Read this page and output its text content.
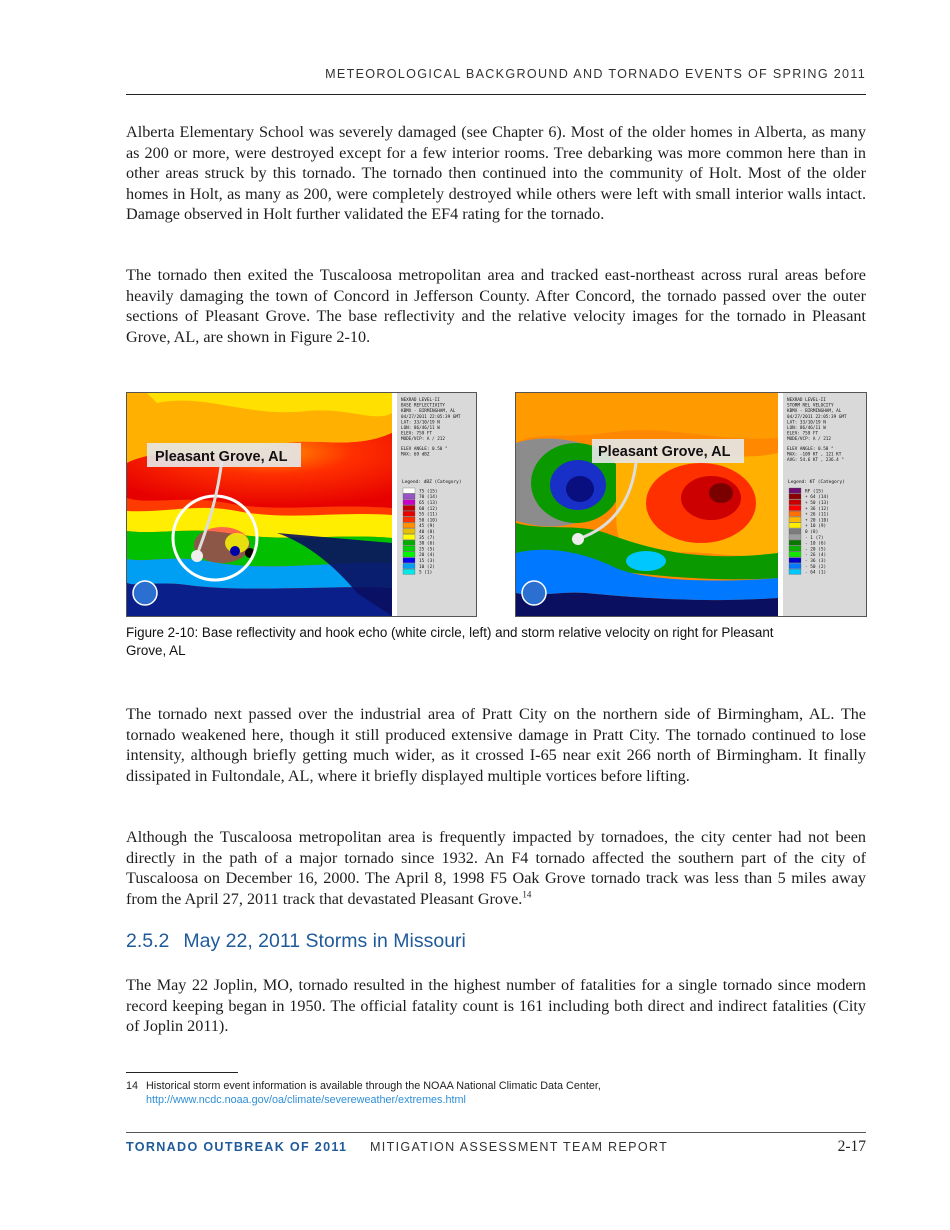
METEOROLOGICAL BACKGROUND AND TORNADO EVENTS OF SPRING 2011

Alberta Elementary School was severely damaged (see Chapter 6). Most of the older homes in Alberta, as many as 200 or more, were destroyed except for a few interior rooms. Tree debarking was more common here than in other areas struck by this tornado. The tornado then continued into the community of Holt. Most of the older homes in Holt, as many as 200, were completely destroyed while others were left with small interior walls intact. Damage observed in Holt further validated the EF4 rating for the tornado.

The tornado then exited the Tuscaloosa metropolitan area and tracked east-northeast across rural areas before heavily damaging the town of Concord in Jefferson County. After Concord, the tornado passed over the outer sections of Pleasant Grove. The base reflectivity and the relative velocity images for the tornado in Pleasant Grove, AL, are shown in Figure 2-10.

Pleasant Grove, AL
NEXRAD LEVEL-II
BASE REFLECTIVITY
KBMX - BIRMINGHAM, AL
04/27/2011 22:05:39 GMT
LAT: 33/10/19 N
LON: 86/46/11 W
ELEV: 759 FT
MODE/VCP: A / 212
ELEV ANGLE: 0.50 °
MAX: 69 dBZ
Legend: dBZ (Category)
75 (15)
70 (14)
65 (13)
60 (12)
55 (11)
50 (10)
45 (9)
40 (8)
35 (7)
30 (6)
25 (5)
20 (4)
15 (3)
10 (2)
5 (1)
Pleasant Grove, AL
NEXRAD LEVEL-II
STORM REL VELOCITY
KBMX - BIRMINGHAM, AL
04/27/2011 22:05:39 GMT
LAT: 33/10/19 N
LON: 86/46/11 W
ELEV: 759 FT
MODE/VCP: A / 212
ELEV ANGLE: 0.50 °
MAX: -109 KT , 121 KT
AVG: 54.6 KT , 236.4 °
Legend: KT (Category)
RF (15)
+ 64 (14)
+ 50 (13)
+ 36 (12)
+ 26 (11)
+ 20 (10)
+ 10 (9)
0 (8)
- 1 (7)
- 10 (6)
- 20 (5)
- 26 (4)
- 36 (3)
- 50 (2)
- 64 (1)
Figure 2-10: Base reflectivity and hook echo (white circle, left) and storm relative velocity on right for Pleasant Grove, AL

The tornado next passed over the industrial area of Pratt City on the northern side of Birmingham, AL. The tornado weakened here, though it still produced extensive damage in Pratt City. The tornado continued to lose intensity, although briefly getting much wider, as it crossed I-65 near exit 266 north of Birmingham. It finally dissipated in Fultondale, AL, where it briefly displayed multiple vortices before lifting.

Although the Tuscaloosa metropolitan area is frequently impacted by tornadoes, the city center had not been directly in the path of a major tornado since 1932. An F4 tornado affected the southern part of the city of Tuscaloosa on December 16, 2000. The April 8, 1998 F5 Oak Grove tornado track was less than 5 miles away from the April 27, 2011 track that devastated Pleasant Grove.$^{14}$

2.5.2 May 22, 2011 Storms in Missouri

The May 22 Joplin, MO, tornado resulted in the highest number of fatalities for a single tornado since modern record keeping began in 1950. The official fatality count is 161 including both direct and indirect fatalities (City of Joplin 2011).

14 Historical storm event information is available through the NOAA National Climatic Data Center, http://www.ncdc.noaa.gov/oa/climate/severeweather/extremes.html
TORNADO OUTBREAK OF 2011 MITIGATION ASSESSMENT TEAM REPORT	2-17
